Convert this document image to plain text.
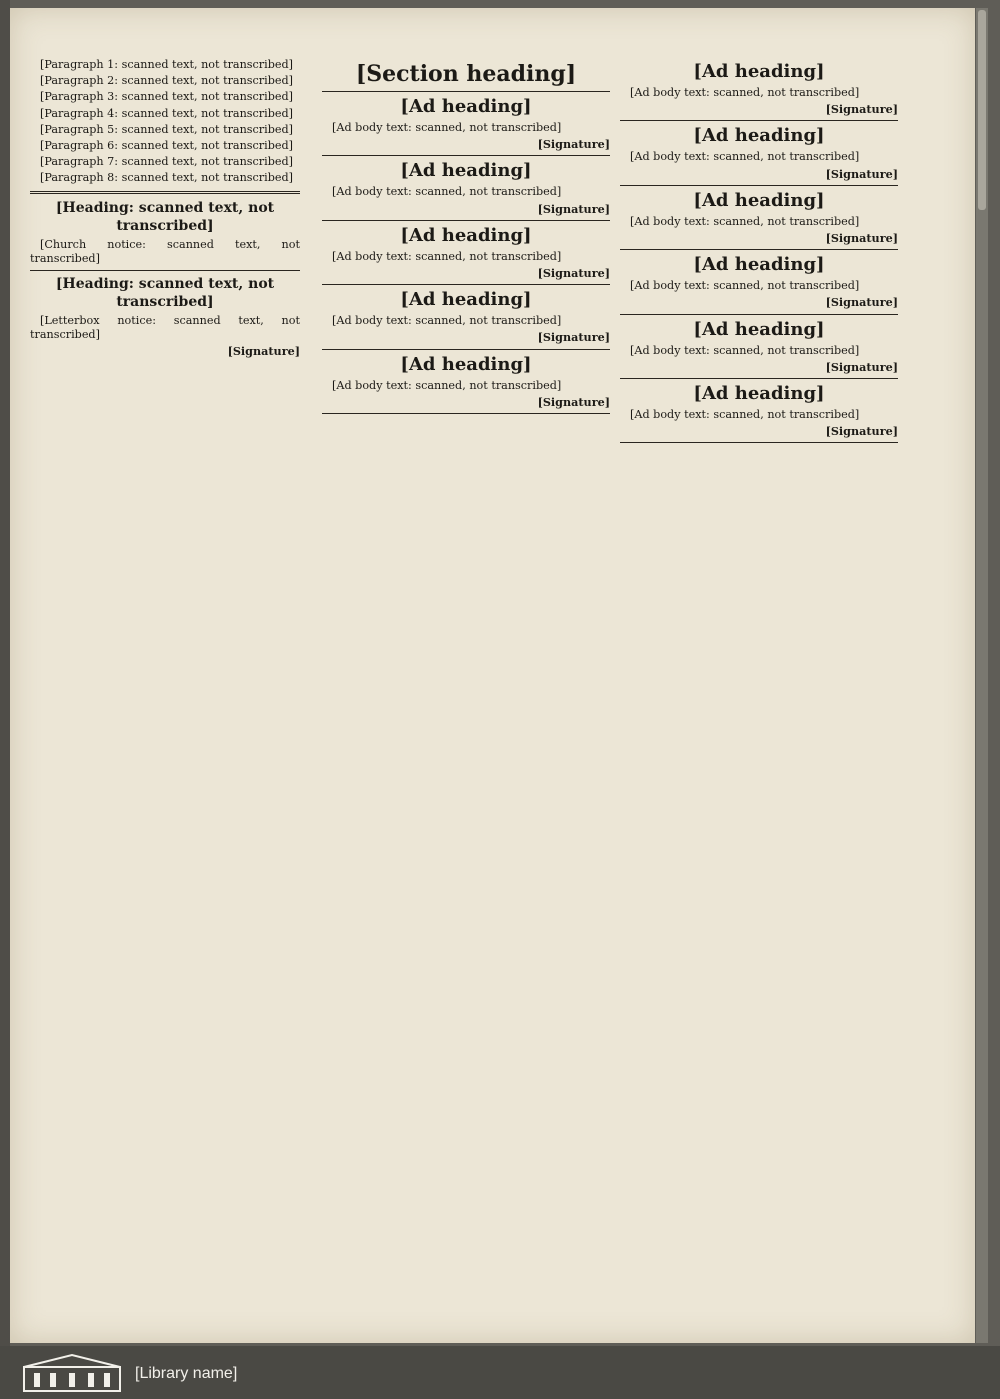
[Paragraph 1: scanned text, not transcribed]

[Paragraph 2: scanned text, not transcribed]

[Paragraph 3: scanned text, not transcribed]

[Paragraph 4: scanned text, not transcribed]

[Paragraph 5: scanned text, not transcribed]

[Paragraph 6: scanned text, not transcribed]

[Paragraph 7: scanned text, not transcribed]

[Paragraph 8: scanned text, not transcribed]

[Heading: scanned text, not transcribed]

[Church notice: scanned text, not transcribed]

[Heading: scanned text, not transcribed]

[Letterbox notice: scanned text, not transcribed]

[Signature]
[Section heading]
[Ad heading]

[Ad body text: scanned, not transcribed]

[Signature]
[Ad heading]

[Ad body text: scanned, not transcribed]

[Signature]
[Ad heading]

[Ad body text: scanned, not transcribed]

[Signature]
[Ad heading]

[Ad body text: scanned, not transcribed]

[Signature]
[Ad heading]

[Ad body text: scanned, not transcribed]

[Signature]
[Ad heading]

[Ad body text: scanned, not transcribed]

[Signature]
[Ad heading]

[Ad body text: scanned, not transcribed]

[Signature]
[Ad heading]

[Ad body text: scanned, not transcribed]

[Signature]
[Ad heading]

[Ad body text: scanned, not transcribed]

[Signature]
[Ad heading]

[Ad body text: scanned, not transcribed]

[Signature]
[Ad heading]

[Ad body text: scanned, not transcribed]

[Signature]
[Library name]
